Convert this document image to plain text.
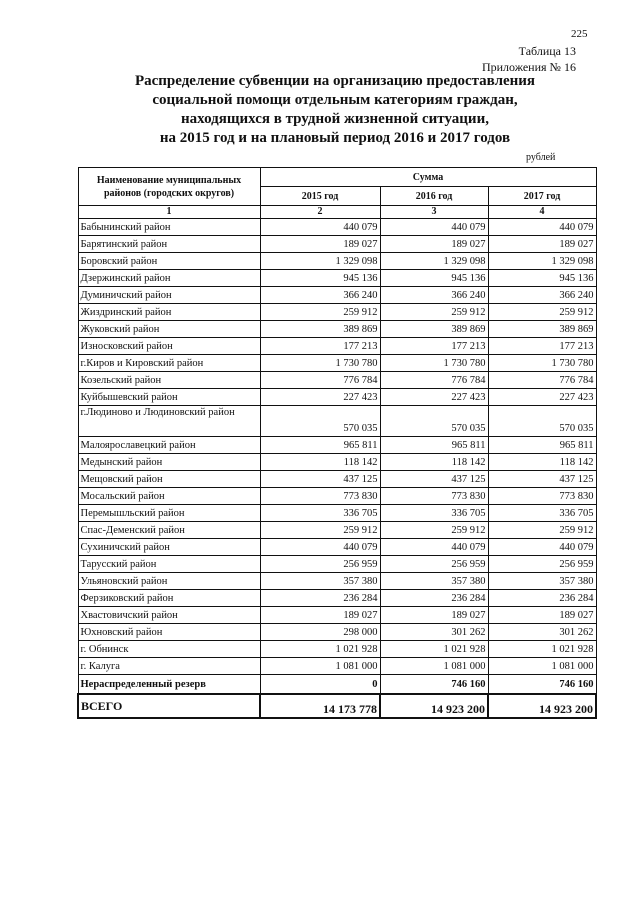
225
Таблица 13
Приложения № 16
Распределение субвенции на организацию предоставления
социальной помощи отдельным категориям граждан,
находящихся в трудной жизненной ситуации,
на 2015 год и на плановый период 2016 и 2017 годов
рублей
Наименование муниципальных районов (городских округов)	Сумма		
	2015 год	2016 год	2017 год
1	2	3	4
Бабынинский район	440 079	440 079	440 079
Барятинский район	189 027	189 027	189 027
Боровский район	1 329 098	1 329 098	1 329 098
Дзержинский район	945 136	945 136	945 136
Думиничский район	366 240	366 240	366 240
Жиздринский район	259 912	259 912	259 912
Жуковский район	389 869	389 869	389 869
Износковский район	177 213	177 213	177 213
г.Киров и Кировский район	1 730 780	1 730 780	1 730 780
Козельский район	776 784	776 784	776 784
Куйбышевский район	227 423	227 423	227 423
г.Людиново и Людиновский район	570 035	570 035	570 035
Малоярославецкий район	965 811	965 811	965 811
Медынский район	118 142	118 142	118 142
Мещовский район	437 125	437 125	437 125
Мосальский район	773 830	773 830	773 830
Перемышльский район	336 705	336 705	336 705
Спас-Деменский район	259 912	259 912	259 912
Сухиничский район	440 079	440 079	440 079
Тарусский район	256 959	256 959	256 959
Ульяновский район	357 380	357 380	357 380
Ферзиковский район	236 284	236 284	236 284
Хвастовичский район	189 027	189 027	189 027
Юхновский район	298 000	301 262	301 262
г. Обнинск	1 021 928	1 021 928	1 021 928
г. Калуга	1 081 000	1 081 000	1 081 000
Нераспределенный резерв	0	746 160	746 160
ВСЕГО	14 173 778	14 923 200	14 923 200
